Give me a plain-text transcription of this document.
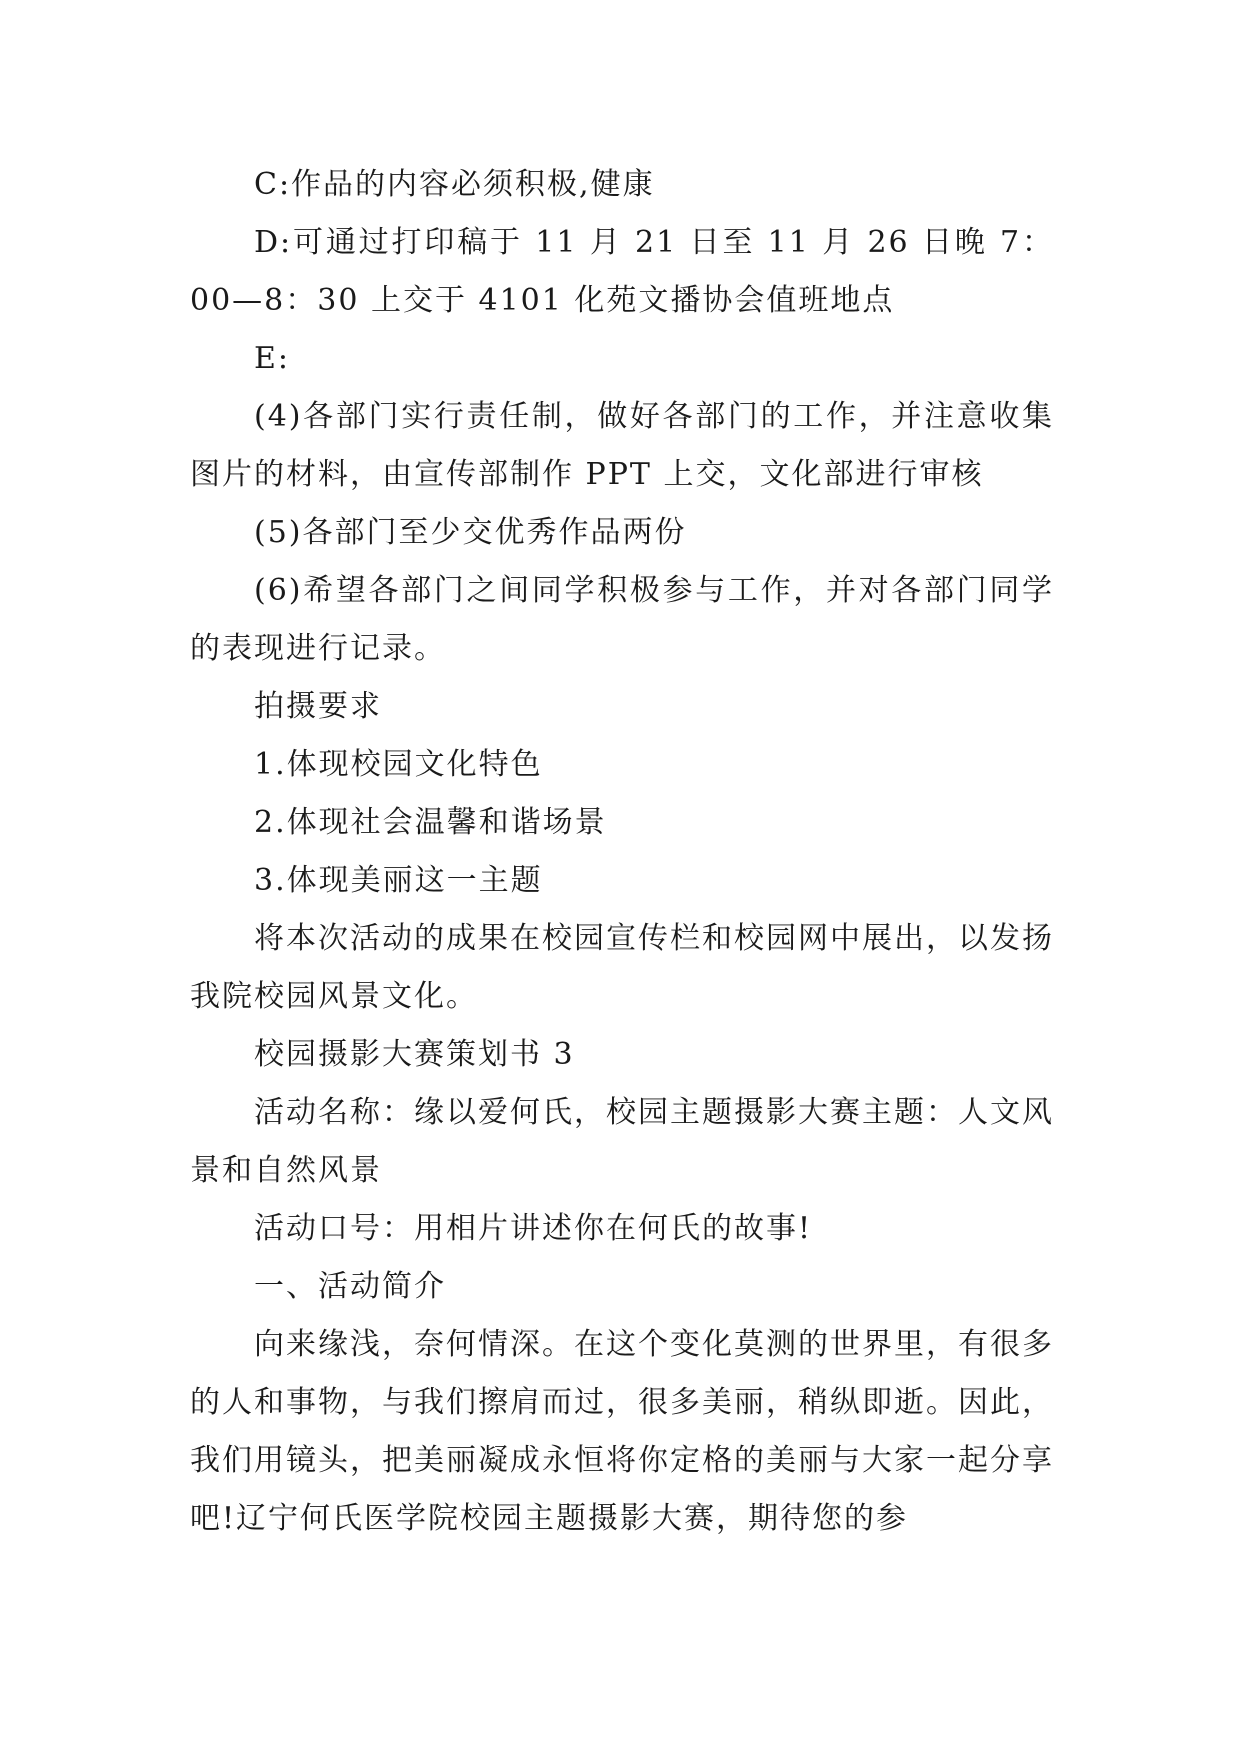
C:作品的内容必须积极,健康

D:可通过打印稿于 11 月 21 日至 11 月 26 日晚 7：00—8：30 上交于 4101 化苑文播协会值班地点

E:

(4)各部门实行责任制，做好各部门的工作，并注意收集图片的材料，由宣传部制作 PPT 上交，文化部进行审核

(5)各部门至少交优秀作品两份

(6)希望各部门之间同学积极参与工作，并对各部门同学的表现进行记录。

拍摄要求

1.体现校园文化特色

2.体现社会温馨和谐场景

3.体现美丽这一主题

将本次活动的成果在校园宣传栏和校园网中展出，以发扬我院校园风景文化。

校园摄影大赛策划书 3

活动名称：缘以爱何氏，校园主题摄影大赛主题：人文风景和自然风景

活动口号：用相片讲述你在何氏的故事!

一、活动简介

向来缘浅，奈何情深。在这个变化莫测的世界里，有很多的人和事物，与我们擦肩而过，很多美丽，稍纵即逝。因此，我们用镜头，把美丽凝成永恒将你定格的美丽与大家一起分享吧!辽宁何氏医学院校园主题摄影大赛，期待您的参
